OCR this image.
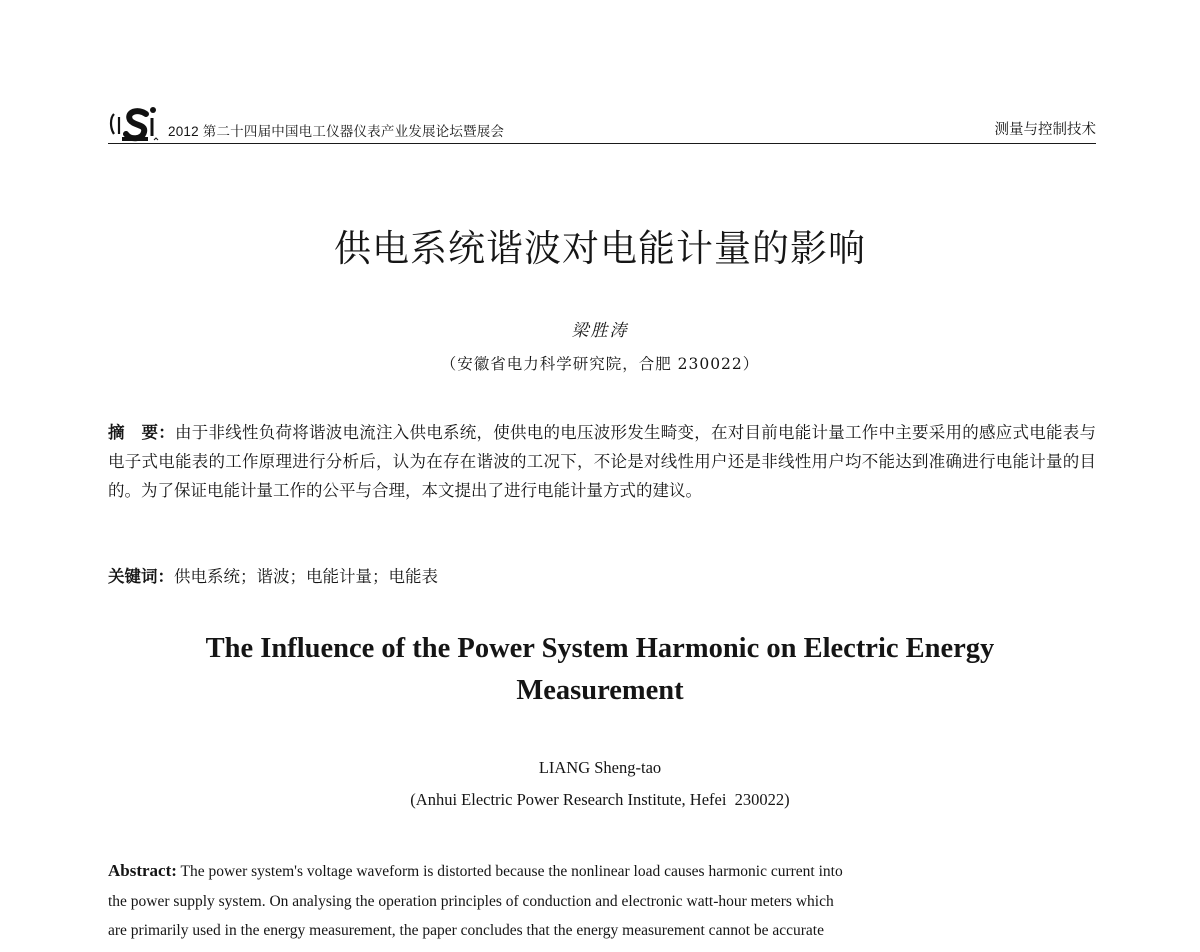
2012 第二十四届中国电工仪器仪表产业发展论坛暨展会	测量与控制技术
供电系统谐波对电能计量的影响
梁胜涛
（安徽省电力科学研究院，合肥 230022）
摘　要：由于非线性负荷将谐波电流注入供电系统，使供电的电压波形发生畸变，在对目前电能计量工作中主要采用的感应式电能表与电子式电能表的工作原理进行分析后，认为在存在谐波的工况下，不论是对线性用户还是非线性用户均不能达到准确进行电能计量的目的。为了保证电能计量工作的公平与合理，本文提出了进行电能计量方式的建议。
关键词：供电系统；谐波；电能计量；电能表
The Influence of the Power System Harmonic on Electric Energy Measurement
LIANG Sheng-tao
(Anhui Electric Power Research Institute, Hefei  230022)
Abstract: The power system's voltage waveform is distorted because the nonlinear load causes harmonic current into
the power supply system. On analysing the operation principles of conduction and electronic watt-hour meters which
are primarily used in the energy measurement, the paper concludes that the energy measurement cannot be accurate
